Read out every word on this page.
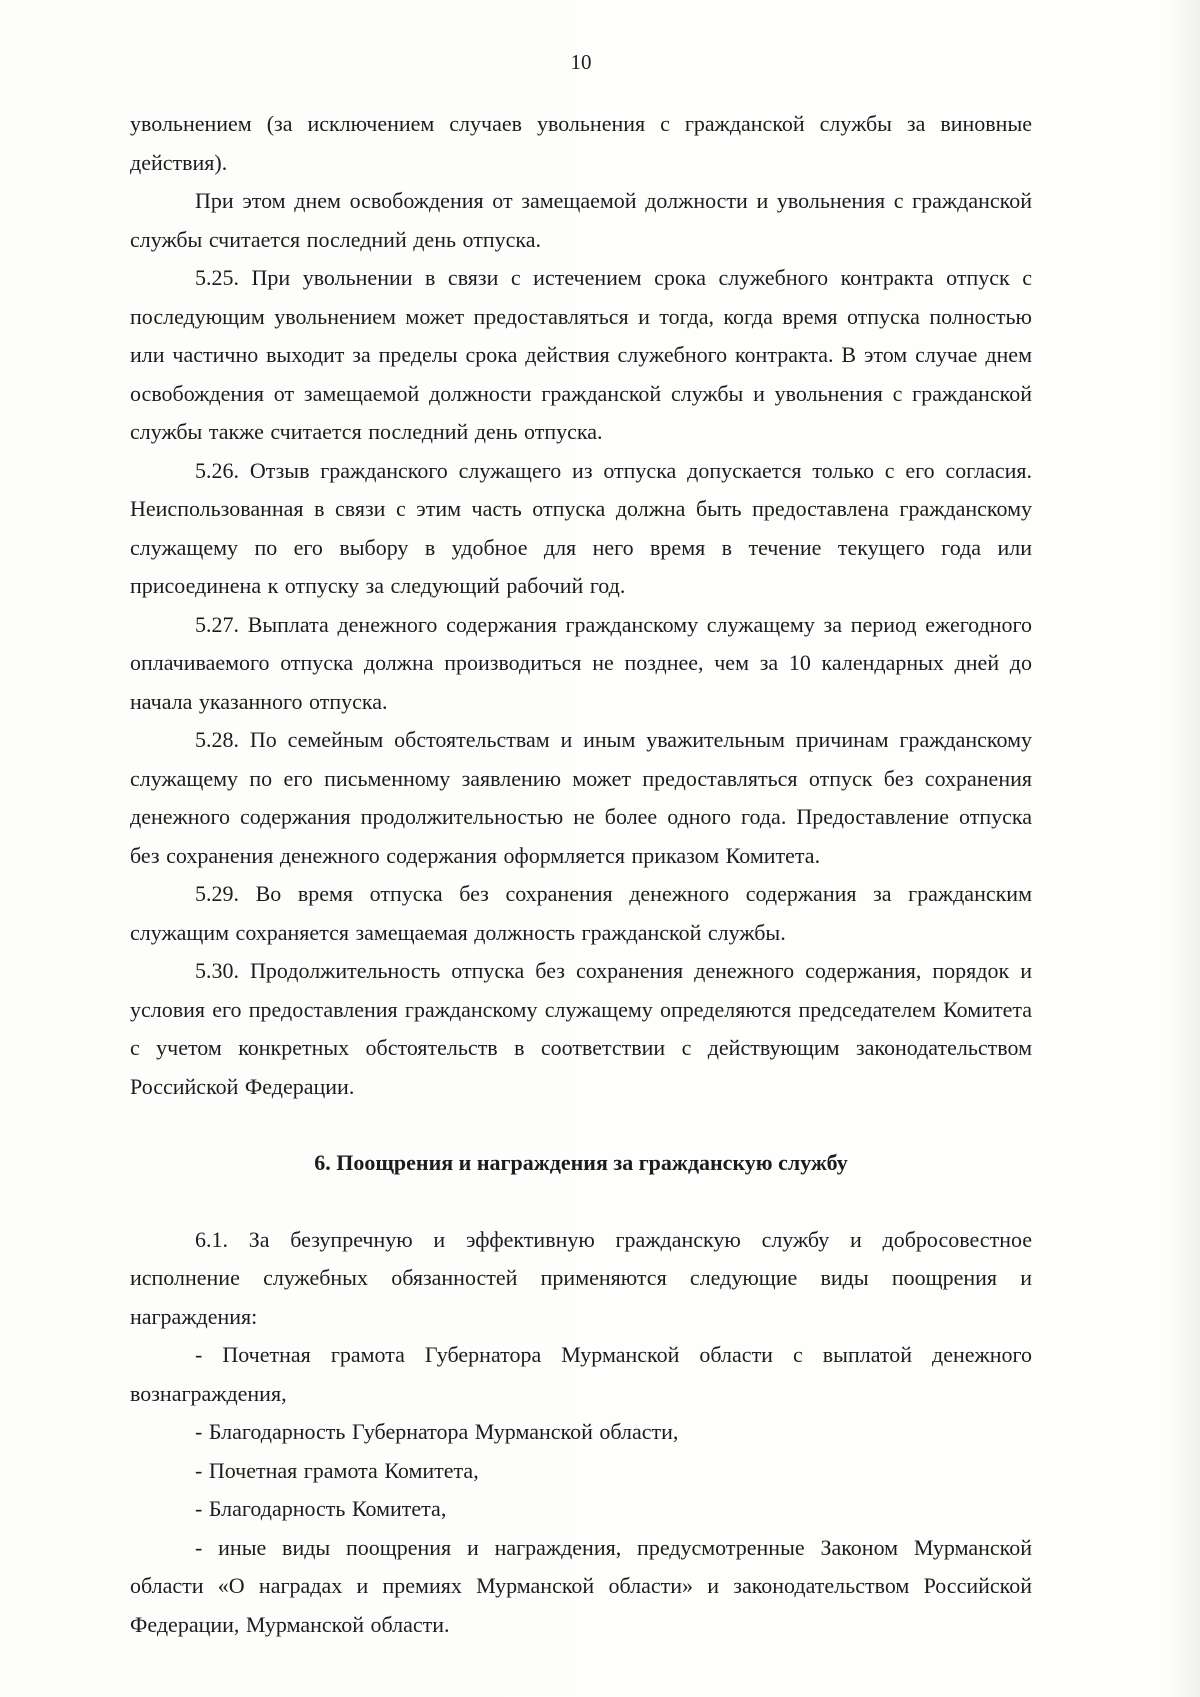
10

увольнением (за исключением случаев увольнения с гражданской службы за виновные действия).

При этом днем освобождения от замещаемой должности и увольнения с гражданской службы считается последний день отпуска.

5.25. При увольнении в связи с истечением срока служебного контракта отпуск с последующим увольнением может предоставляться и тогда, когда время отпуска полностью или частично выходит за пределы срока действия служебного контракта. В этом случае днем освобождения от замещаемой должности гражданской службы и увольнения с гражданской службы также считается последний день отпуска.

5.26. Отзыв гражданского служащего из отпуска допускается только с его согласия. Неиспользованная в связи с этим часть отпуска должна быть предоставлена гражданскому служащему по его выбору в удобное для него время в течение текущего года или присоединена к отпуску за следующий рабочий год.

5.27. Выплата денежного содержания гражданскому служащему за период ежегодного оплачиваемого отпуска должна производиться не позднее, чем за 10 календарных дней до начала указанного отпуска.

5.28. По семейным обстоятельствам и иным уважительным причинам гражданскому служащему по его письменному заявлению может предоставляться отпуск без сохранения денежного содержания продолжительностью не более одного года. Предоставление отпуска без сохранения денежного содержания оформляется приказом Комитета.

5.29. Во время отпуска без сохранения денежного содержания за гражданским служащим сохраняется замещаемая должность гражданской службы.

5.30. Продолжительность отпуска без сохранения денежного содержания, порядок и условия его предоставления гражданскому служащему определяются председателем Комитета с учетом конкретных обстоятельств в соответствии с действующим законодательством Российской Федерации.

6. Поощрения и награждения за гражданскую службу

6.1. За безупречную и эффективную гражданскую службу и добросовестное исполнение служебных обязанностей применяются следующие виды поощрения и награждения:

- Почетная грамота Губернатора Мурманской области с выплатой денежного вознаграждения,

- Благодарность Губернатора Мурманской области,

- Почетная грамота Комитета,

- Благодарность Комитета,

- иные виды поощрения и награждения, предусмотренные Законом Мурманской области «О наградах и премиях Мурманской области» и законодательством Российской Федерации, Мурманской области.
